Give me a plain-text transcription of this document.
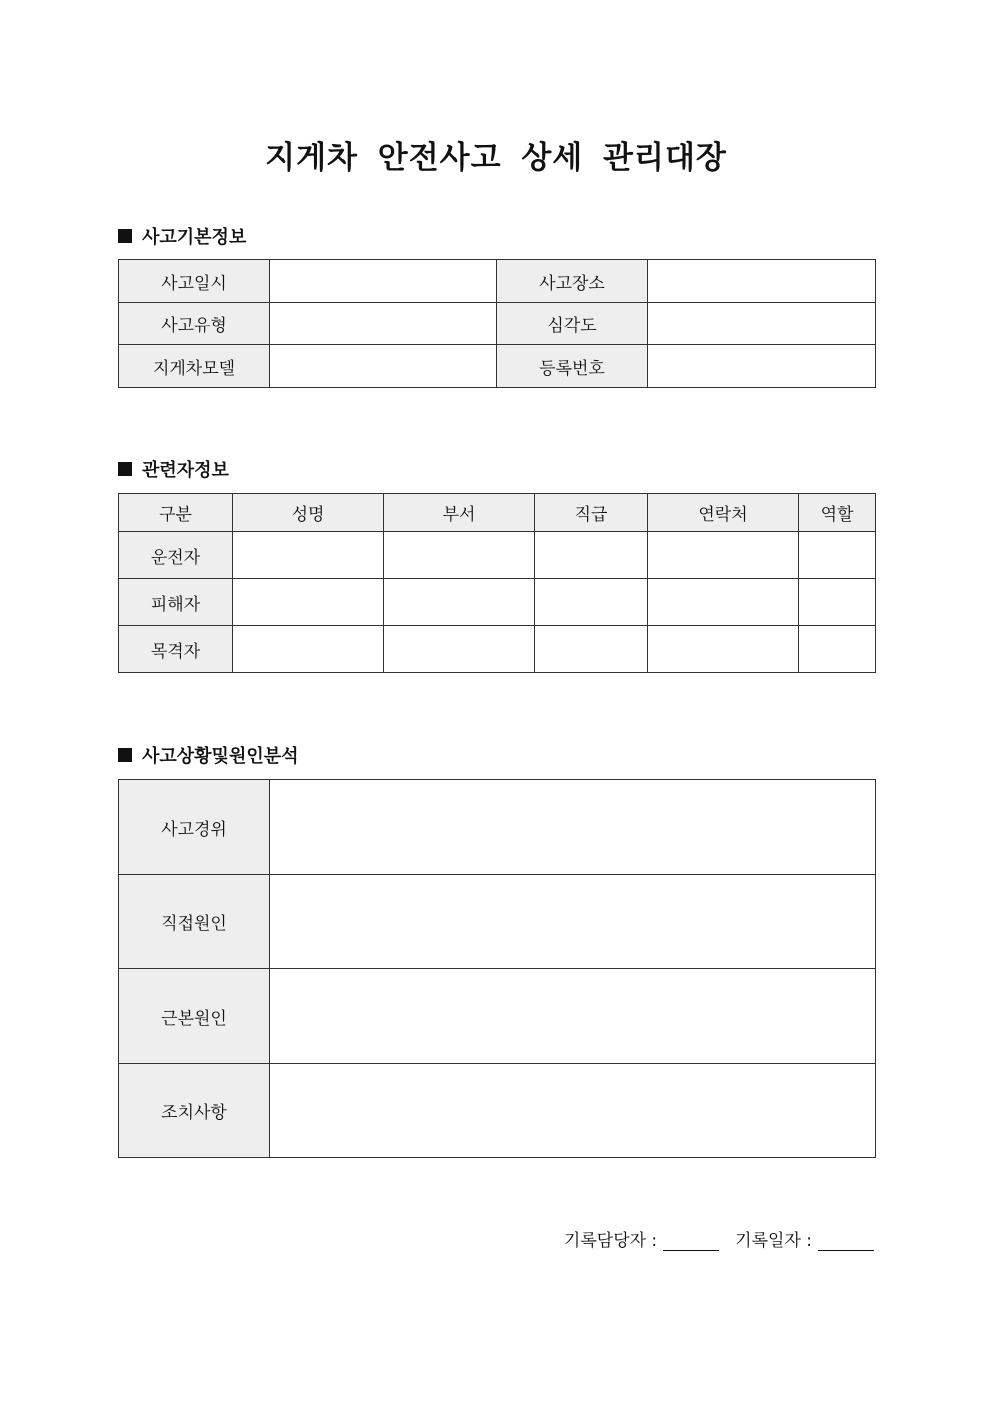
지게차 안전사고 상세 관리대장
사고기본정보
사고일시		사고장소	
사고유형		심각도	
지게차모델		등록번호	
관련자정보
구분	성명	부서	직급	연락처	역할
운전자					
피해자					
목격자					
사고상황및원인분석
사고경위	
직접원인	
근본원인	
조치사항	
기록담당자 :	기록일자 :
